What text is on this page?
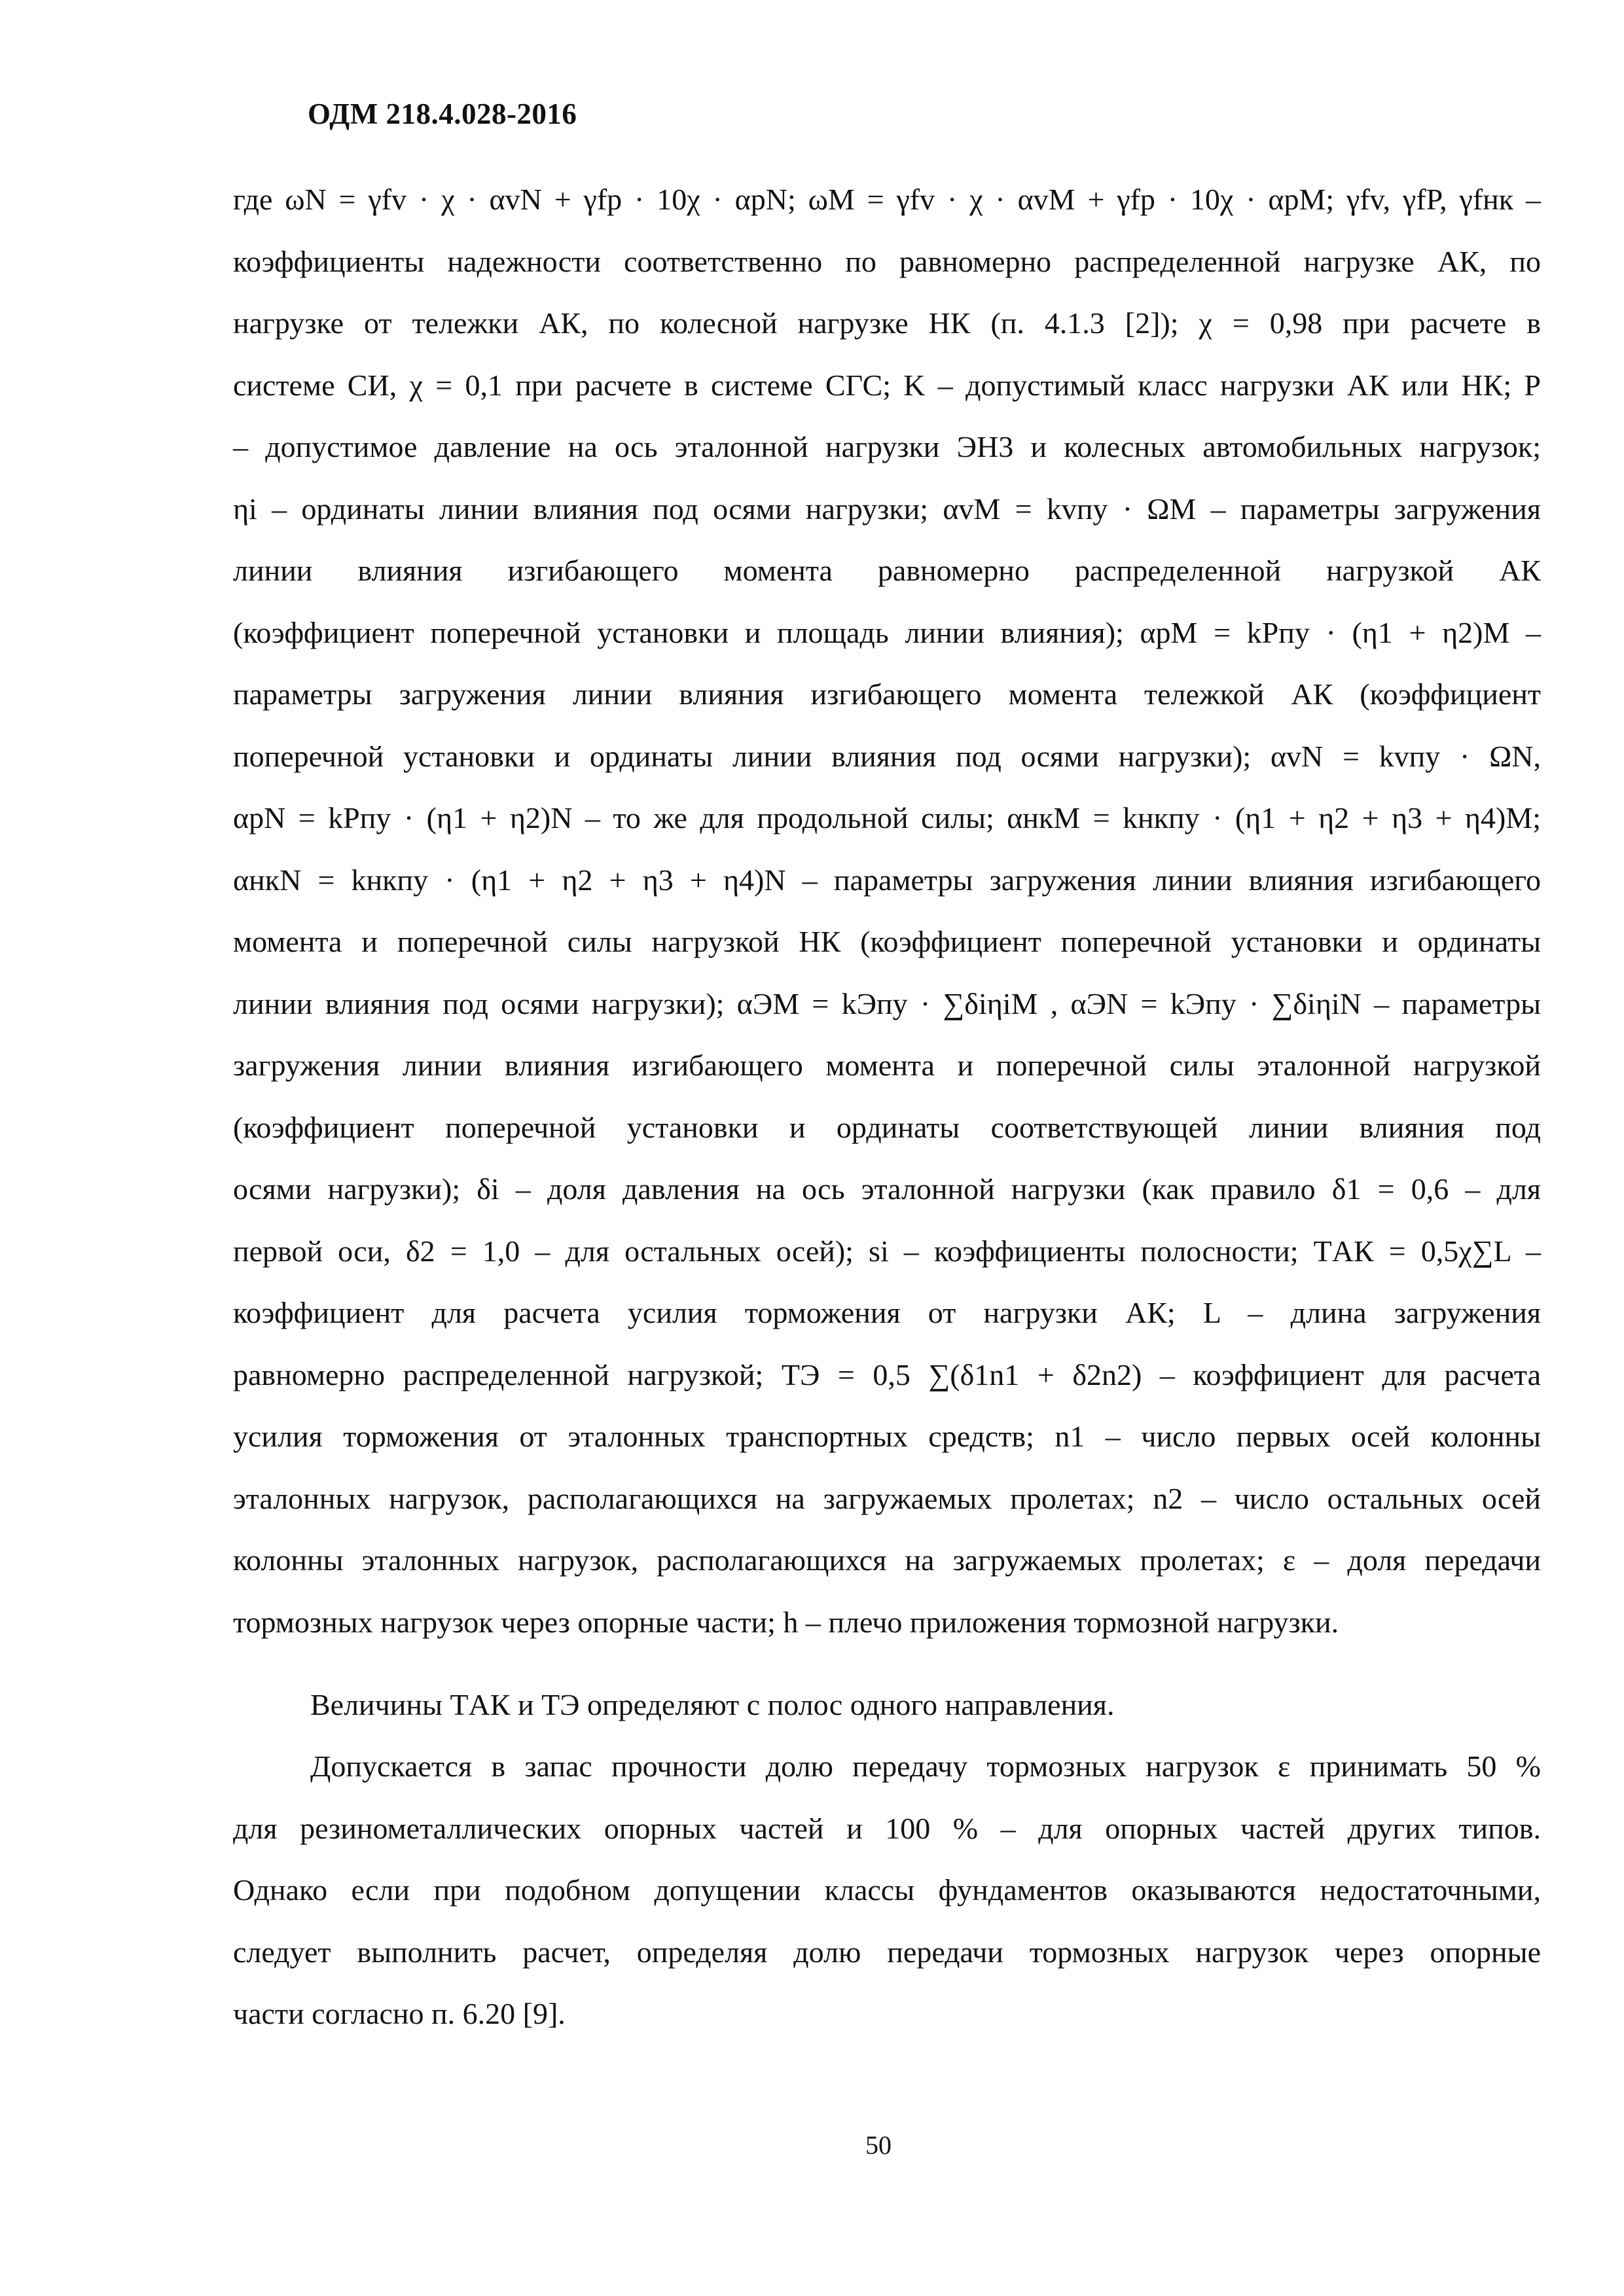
ОДМ 218.4.028-2016
где ωN = γfv · χ · αvN + γfp · 10χ · αpN; ωM = γfv · χ · αvM + γfp · 10χ · αpM; γfv, γfP, γfнк –
коэффициенты надежности соответственно по равномерно распределенной нагрузке АК, по
нагрузке от тележки АК, по колесной нагрузке НК (п. 4.1.3 [2]); χ = 0,98 при расчете в
системе СИ, χ = 0,1 при расчете в системе СГС; K – допустимый класс нагрузки АК или НК; P
– допустимое давление на ось эталонной нагрузки ЭН3 и колесных автомобильных нагрузок;
ηi – ординаты линии влияния под осями нагрузки; αvM = kvпу · ΩM – параметры загружения
линии влияния изгибающего момента равномерно распределенной нагрузкой АК
(коэффициент поперечной установки и площадь линии влияния); αpM = kPпу · (η1 + η2)M –
параметры загружения линии влияния изгибающего момента тележкой АК (коэффициент
поперечной установки и ординаты линии влияния под осями нагрузки); αvN = kvпу · ΩN,
αpN = kPпу · (η1 + η2)N – то же для продольной силы; αнкM = kнкпу · (η1 + η2 + η3 + η4)M;
αнкN = kнкпу · (η1 + η2 + η3 + η4)N – параметры загружения линии влияния изгибающего
момента и поперечной силы нагрузкой НК (коэффициент поперечной установки и ординаты
линии влияния под осями нагрузки); αЭM = kЭпу · ∑δiηiM , αЭN = kЭпу · ∑δiηiN – параметры
загружения линии влияния изгибающего момента и поперечной силы эталонной нагрузкой
(коэффициент поперечной установки и ординаты соответствующей линии влияния под
осями нагрузки); δi – доля давления на ось эталонной нагрузки (как правило δ1 = 0,6 – для
первой оси, δ2 = 1,0 – для остальных осей); si – коэффициенты полосности; TАК = 0,5χ∑L –
коэффициент для расчета усилия торможения от нагрузки АК; L – длина загружения
равномерно распределенной нагрузкой; TЭ = 0,5 ∑(δ1n1 + δ2n2) – коэффициент для расчета
усилия торможения от эталонных транспортных средств; n1 – число первых осей колонны
эталонных нагрузок, располагающихся на загружаемых пролетах; n2 – число остальных осей
колонны эталонных нагрузок, располагающихся на загружаемых пролетах; ε – доля передачи
тормозных нагрузок через опорные части; h – плечо приложения тормозной нагрузки.
Величины TАК и TЭ определяют с полос одного направления.
Допускается в запас прочности долю передачу тормозных нагрузок ε принимать 50 %
для резинометаллических опорных частей и 100 % – для опорных частей других типов.
Однако если при подобном допущении классы фундаментов оказываются недостаточными,
следует выполнить расчет, определяя долю передачи тормозных нагрузок через опорные
части согласно п. 6.20 [9].
50
